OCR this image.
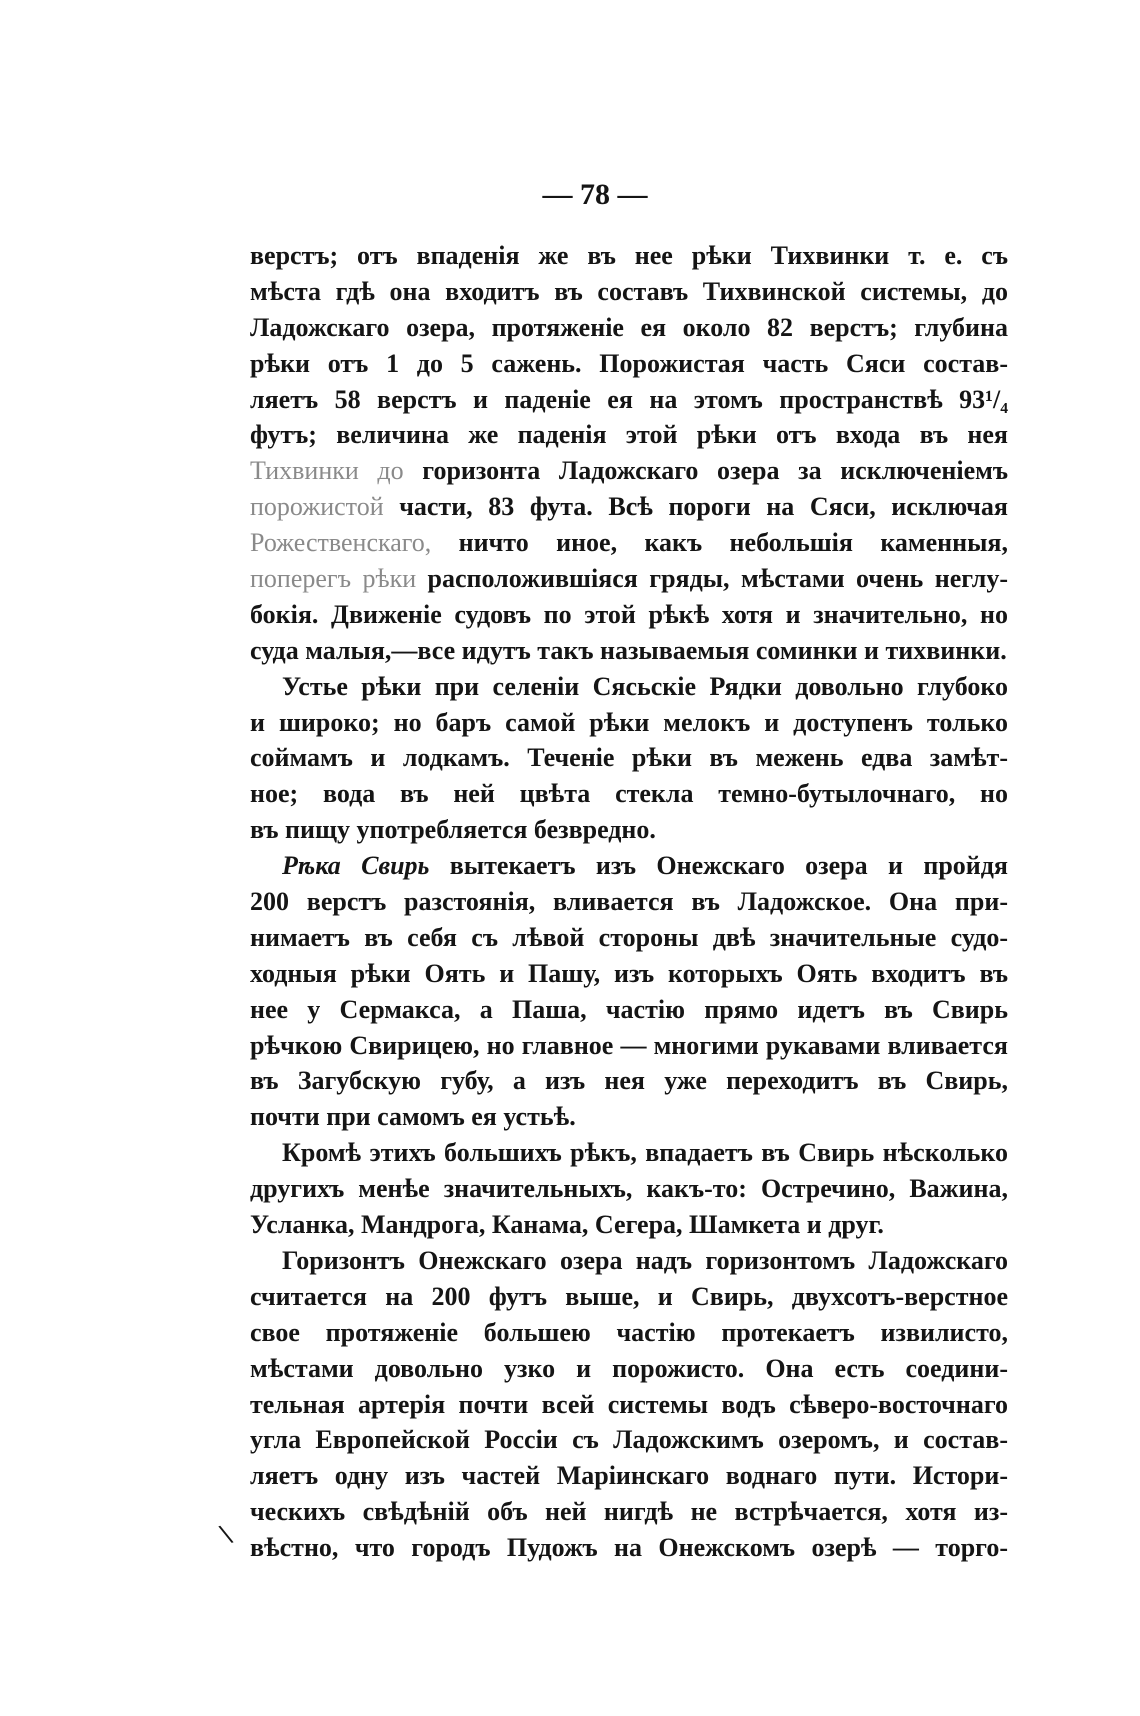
— 78 —
верстъ; отъ впаденія же въ нее рѣки Тихвинки т. е. съ
мѣста гдѣ она входитъ въ составъ Тихвинской системы, до
Ладожскаго озера, протяженіе ея около 82 верстъ; глубина
рѣки отъ 1 до 5 сажень. Порожистая часть Сяси состав-
ляетъ 58 верстъ и паденіе ея на этомъ пространствѣ 93¹/₄
футъ; величина же паденія этой рѣки отъ входа въ нея
Тихвинки до горизонта Ладожскаго озера за исключеніемъ
порожистой части, 83 фута. Всѣ пороги на Сяси, исключая
Рожественскаго, ничто иное, какъ небольшія каменныя,
поперегъ рѣки расположившіяся гряды, мѣстами очень неглу-
бокія. Движеніе судовъ по этой рѣкѣ хотя и значительно, но
суда малыя,—все идутъ такъ называемыя соминки и тихвинки.
Устье рѣки при селеніи Сясьскіе Рядки довольно глубоко
и широко; но баръ самой рѣки мелокъ и доступенъ только
соймамъ и лодкамъ. Теченіе рѣки въ межень едва замѣт-
ное; вода въ ней цвѣта стекла темно-бутылочнаго, но
въ пищу употребляется безвредно.
Рѣка Свирь вытекаетъ изъ Онежскаго озера и пройдя
200 верстъ разстоянія, вливается въ Ладожское. Она при-
нимаетъ въ себя съ лѣвой стороны двѣ значительные судо-
ходныя рѣки Оять и Пашу, изъ которыхъ Оять входитъ въ
нее у Сермакса, а Паша, частію прямо идетъ въ Свирь
рѣчкою Свирицею, но главное — многими рукавами вливается
въ Загубскую губу, а изъ нея уже переходитъ въ Свирь,
почти при самомъ ея устьѣ.
Кромѣ этихъ большихъ рѣкъ, впадаетъ въ Свирь нѣсколько
другихъ менѣе значительныхъ, какъ-то: Остречино, Важина,
Усланка, Мандрога, Канама, Сегера, Шамкета и друг.
Горизонтъ Онежскаго озера надъ горизонтомъ Ладожскаго
считается на 200 футъ выше, и Свирь, двухсотъ-верстное
свое протяженіе большею частію протекаетъ извилисто,
мѣстами довольно узко и порожисто. Она есть соедини-
тельная артерія почти всей системы водъ сѣверо-восточнаго
угла Европейской Россіи съ Ладожскимъ озеромъ, и состав-
ляетъ одну изъ частей Маріинскаго воднаго пути. Истори-
ческихъ свѣдѣній объ ней нигдѣ не встрѣчается, хотя из-
вѣстно, что городъ Пудожъ на Онежскомъ озерѣ — торго-
\
